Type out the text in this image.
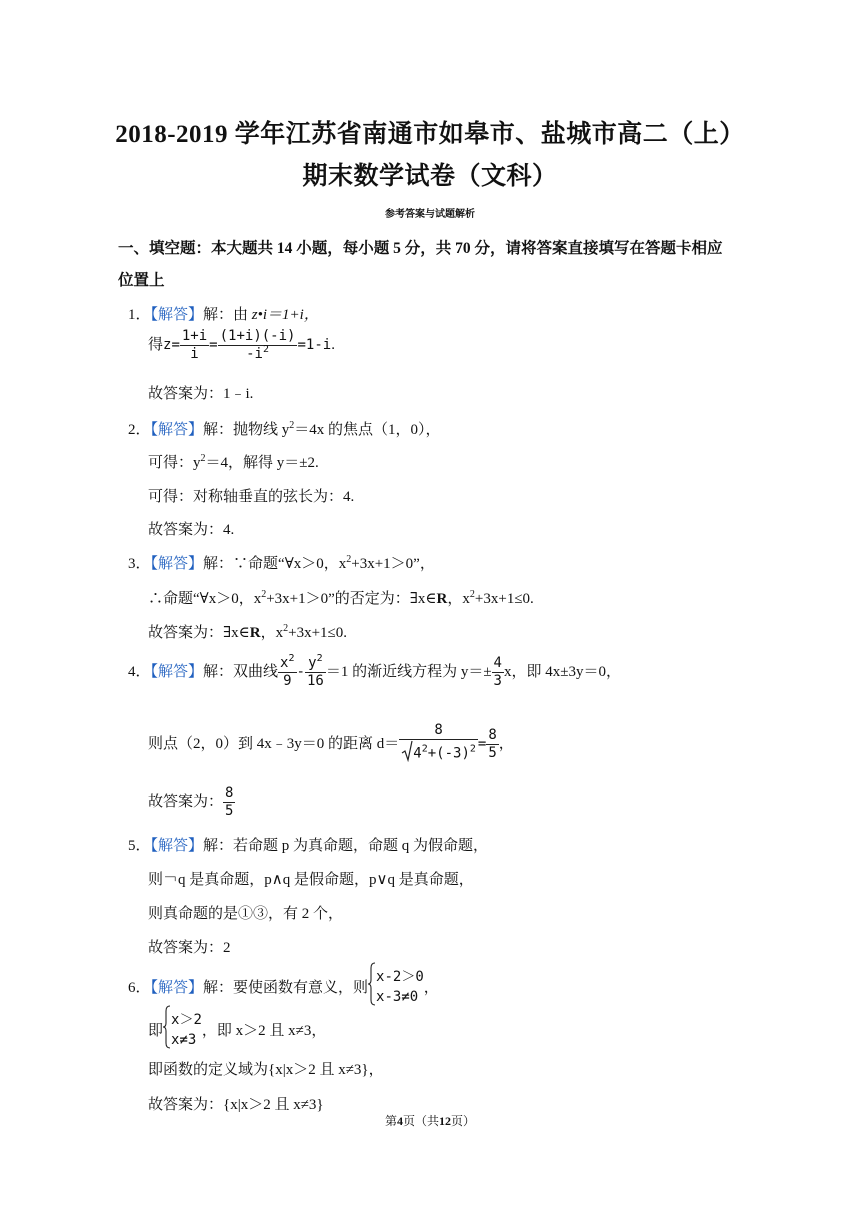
2018-2019 学年江苏省南通市如皋市、盐城市高二（上）
期末数学试卷（文科）
参考答案与试题解析
一、填空题：本大题共 14 小题，每小题 5 分，共 70 分，请将答案直接填写在答题卡相应
位置上
1．【解答】解：由 z•i＝1+i，
得$z= \frac{1+i}{i} = \frac{(1+i)(-i)}{-i^2} =1-i$.
故答案为：1﹣i.
2．【解答】解：抛物线 $y^2=4x$ 的焦点（1，0），
可得：$y^2=4$，解得 y＝±2.
可得：对称轴垂直的弦长为：4.
故答案为：4.
3．【解答】解：∵命题“∀x＞0，$x^2+3x+1>0$”，
∴命题“∀x＞0，$x^2+3x+1>0$”的否定为：∃x∈R，$x^2+3x+1\le 0$.
故答案为：∃x∈R，$x^2+3x+1\le 0$.
4．【解答】解：双曲线 $\frac{x^2}{9} - \frac{y^2}{16} =1$ 的渐近线方程为 $y=\pm \frac{4}{3}$ x，即 4x±3y＝0，
则点（2，0）到 4x﹣3y＝0 的距离 $d= \frac{8}{4^2+(-3)^2} = \frac{8}{5}$ ，
故答案为： $\frac{8}{5}$
5．【解答】解：若命题 p 为真命题，命题 q 为假命题，
则￢q 是真命题，p∧q 是假命题，p∨q 是真命题，
则真命题的是①③，有 2 个，
故答案为：2
6．【解答】解：要使函数有意义，则
x-2＞0
x-3≠0
，
即
x＞2
x≠3
，即 x＞2 且 x≠3，
即函数的定义域为{x|x＞2 且 x≠3}，
故答案为：{x|x＞2 且 x≠3}
第4页（共12页）
